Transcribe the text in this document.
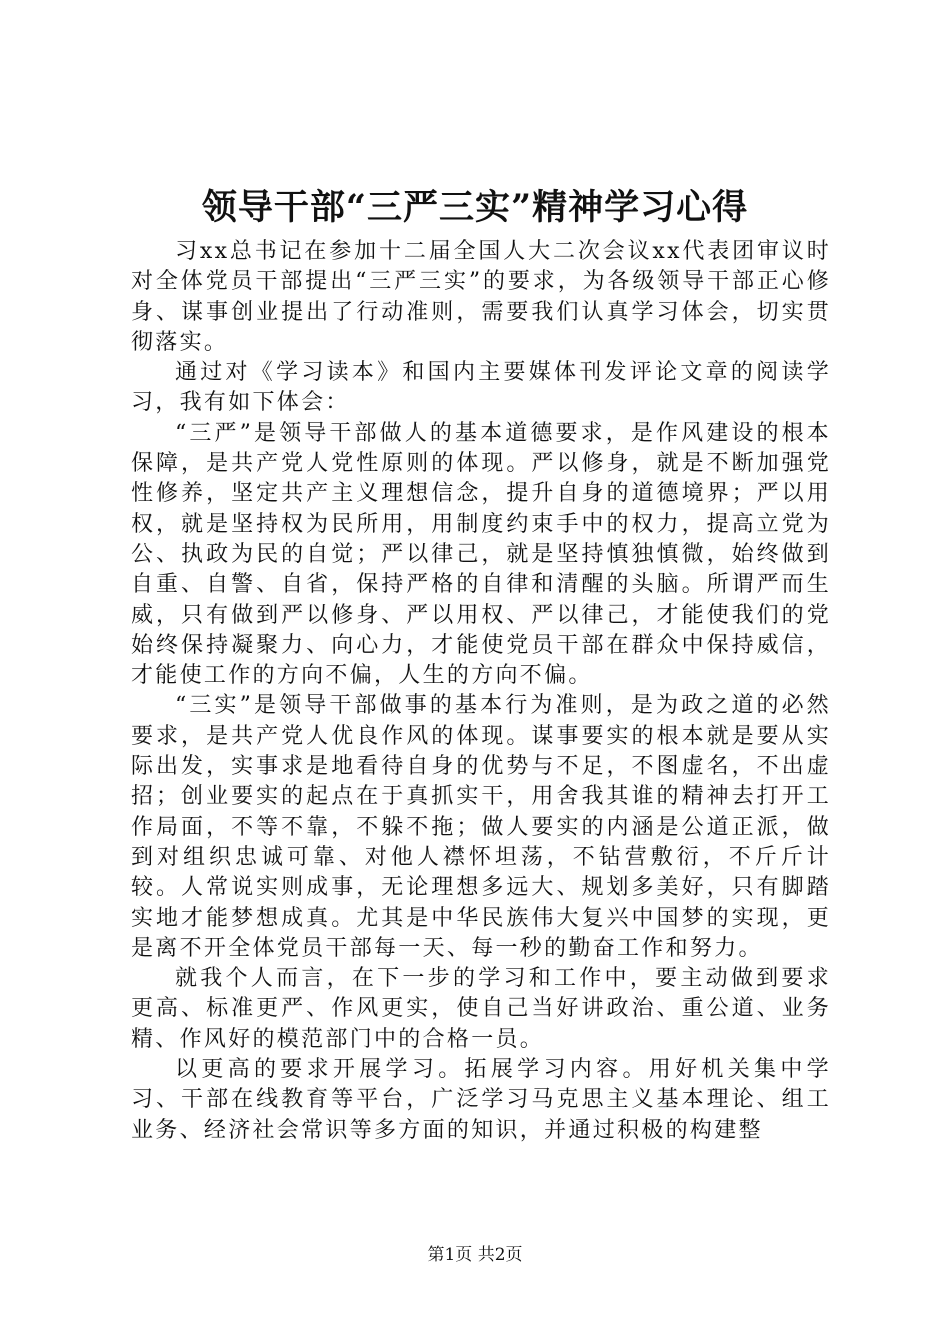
领导干部“三严三实”精神学习心得

习xx总书记在参加十二届全国人大二次会议xx代表团审议时对全体党员干部提出“三严三实”的要求，为各级领导干部正心修身、谋事创业提出了行动准则，需要我们认真学习体会，切实贯彻落实。

通过对《学习读本》和国内主要媒体刊发评论文章的阅读学习，我有如下体会：

“三严”是领导干部做人的基本道德要求，是作风建设的根本保障，是共产党人党性原则的体现。严以修身，就是不断加强党性修养，坚定共产主义理想信念，提升自身的道德境界；严以用权，就是坚持权为民所用，用制度约束手中的权力，提高立党为公、执政为民的自觉；严以律己，就是坚持慎独慎微，始终做到自重、自警、自省，保持严格的自律和清醒的头脑。所谓严而生威，只有做到严以修身、严以用权、严以律己，才能使我们的党始终保持凝聚力、向心力，才能使党员干部在群众中保持威信，才能使工作的方向不偏，人生的方向不偏。

“三实”是领导干部做事的基本行为准则，是为政之道的必然要求，是共产党人优良作风的体现。谋事要实的根本就是要从实际出发，实事求是地看待自身的优势与不足，不图虚名，不出虚招；创业要实的起点在于真抓实干，用舍我其谁的精神去打开工作局面，不等不靠，不躲不拖；做人要实的内涵是公道正派，做到对组织忠诚可靠、对他人襟怀坦荡，不钻营敷衍，不斤斤计较。人常说实则成事，无论理想多远大、规划多美好，只有脚踏实地才能梦想成真。尤其是中华民族伟大复兴中国梦的实现，更是离不开全体党员干部每一天、每一秒的勤奋工作和努力。

就我个人而言，在下一步的学习和工作中，要主动做到要求更高、标准更严、作风更实，使自己当好讲政治、重公道、业务精、作风好的模范部门中的合格一员。

以更高的要求开展学习。拓展学习内容。用好机关集中学习、干部在线教育等平台，广泛学习马克思主义基本理论、组工业务、经济社会常识等多方面的知识，并通过积极的构建整

第1页 共2页
